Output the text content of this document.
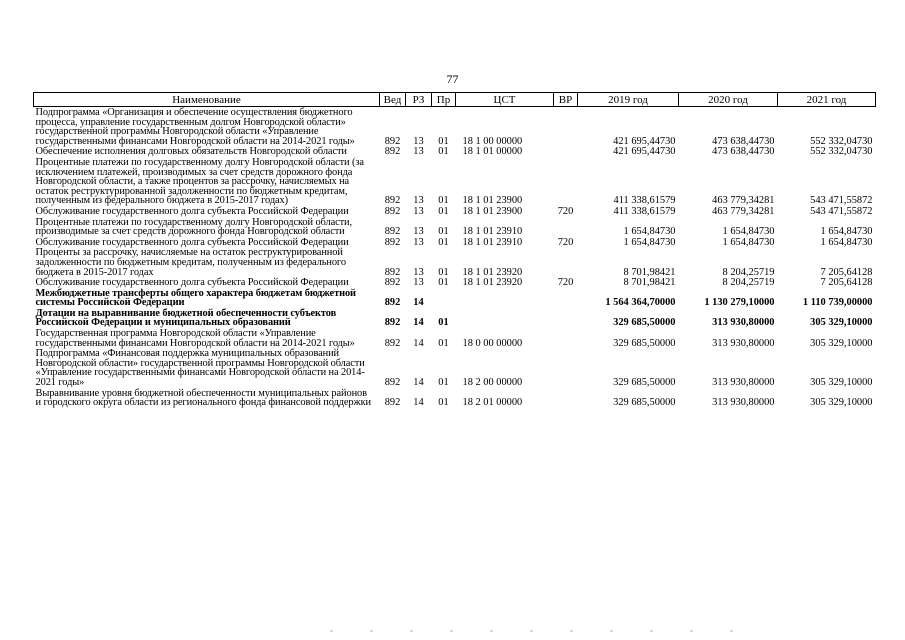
77
Наименование	Вед	РЗ	Пр	ЦСТ	ВР	2019 год	2020 год	2021 год
Подпрограмма «Организация и обеспечение осуществления бюджетного процесса, управление государственным долгом Новгородской области» государственной программы Новгородской области «Управление государственными финансами Новгородской области на 2014-2021 годы»	892	13	01	18 1 00 00000		421 695,44730	473 638,44730	552 332,04730
Обеспечение исполнения долговых обязательств Новгородской области	892	13	01	18 1 01 00000		421 695,44730	473 638,44730	552 332,04730
Процентные платежи по государственному долгу Новгородской области (за исключением платежей, производимых за счет средств дорожного фонда Новгородской области, а также процентов за рассрочку, начисляемых на остаток реструктурированной задолженности по бюджетным кредитам, полученным из федерального бюджета в 2015-2017 годах)	892	13	01	18 1 01 23900		411 338,61579	463 779,34281	543 471,55872
Обслуживание государственного долга субъекта Российской Федерации	892	13	01	18 1 01 23900	720	411 338,61579	463 779,34281	543 471,55872
Процентные платежи по государственному долгу Новгородской области, производимые за счет средств дорожного фонда Новгородской области	892	13	01	18 1 01 23910		1 654,84730	1 654,84730	1 654,84730
Обслуживание государственного долга субъекта Российской Федерации	892	13	01	18 1 01 23910	720	1 654,84730	1 654,84730	1 654,84730
Проценты за рассрочку, начисляемые на остаток реструктурированной задолженности по бюджетным кредитам, полученным из федерального бюджета в 2015-2017 годах	892	13	01	18 1 01 23920		8 701,98421	8 204,25719	7 205,64128
Обслуживание государственного долга субъекта Российской Федерации	892	13	01	18 1 01 23920	720	8 701,98421	8 204,25719	7 205,64128
Межбюджетные трансферты общего характера бюджетам бюджетной системы Российской Федерации	892	14				1 564 364,70000	1 130 279,10000	1 110 739,00000
Дотации на выравнивание бюджетной обеспеченности субъектов Российской Федерации и муниципальных образований	892	14	01			329 685,50000	313 930,80000	305 329,10000
Государственная программа Новгородской области «Управление государственными финансами Новгородской области на 2014-2021 годы»	892	14	01	18 0 00 00000		329 685,50000	313 930,80000	305 329,10000
Подпрограмма «Финансовая поддержка муниципальных образований Новгородской области» государственной программы Новгородской области «Управление государственными финансами Новгородской области на 2014-2021 годы»	892	14	01	18 2 00 00000		329 685,50000	313 930,80000	305 329,10000
Выравнивание уровня бюджетной обеспеченности муниципальных районов и городского округа области из регионального фонда финансовой поддержки	892	14	01	18 2 01 00000		329 685,50000	313 930,80000	305 329,10000
